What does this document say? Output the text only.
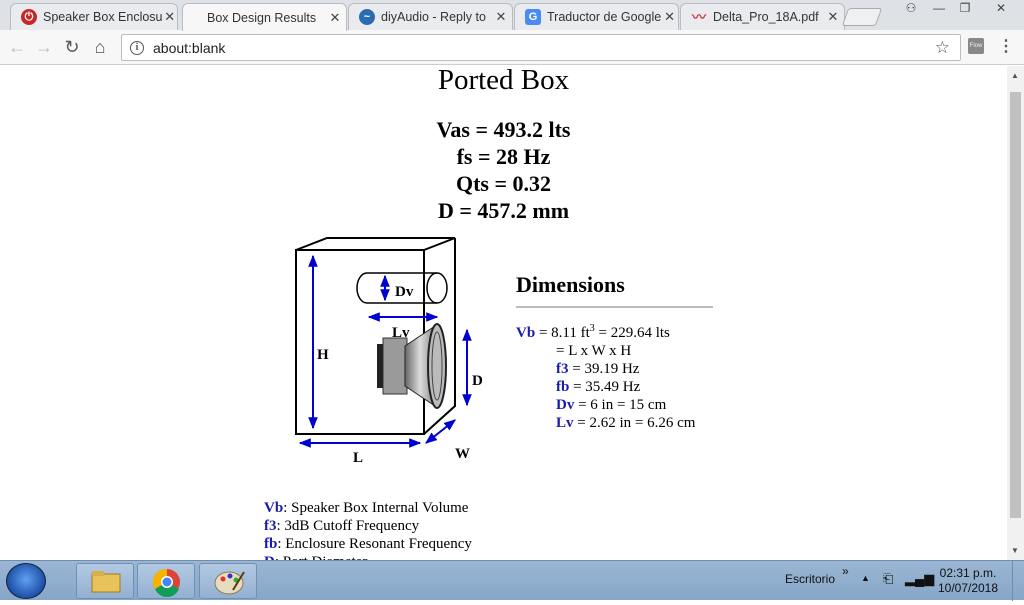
⏻ Speaker Box Enclosu ✕	Box Design Results	✕	~ diyAudio - Reply to ✕	G Traductor de Google ✕ 〰 Delta_Pro_18A.pdf ✕
⚇	—	❐	✕
← → ↻ ⌂	i	about:blank	☆	Flow ⋮
Ported Box
Vas = 493.2 lts
fs = 28 Hz
Qts = 0.32
D = 457.2 mm
H
L
Dv
Lv
D
W
Dimensions
Vb = 8.11 $ft^3 = 229.64$ lts
= L x W x H
f3 = 39.19 Hz
fb = 35.49 Hz
Dv = 6 in = 15 cm
Lv = 2.62 in = 6.26 cm
Vb: Speaker Box Internal Volume
f3: 3dB Cutoff Frequency
fb: Enclosure Resonant Frequency
▲
▼
Escritorio
» ▲ ⎗ ▂▄▆ 02:31 p.m.
10/07/2018
